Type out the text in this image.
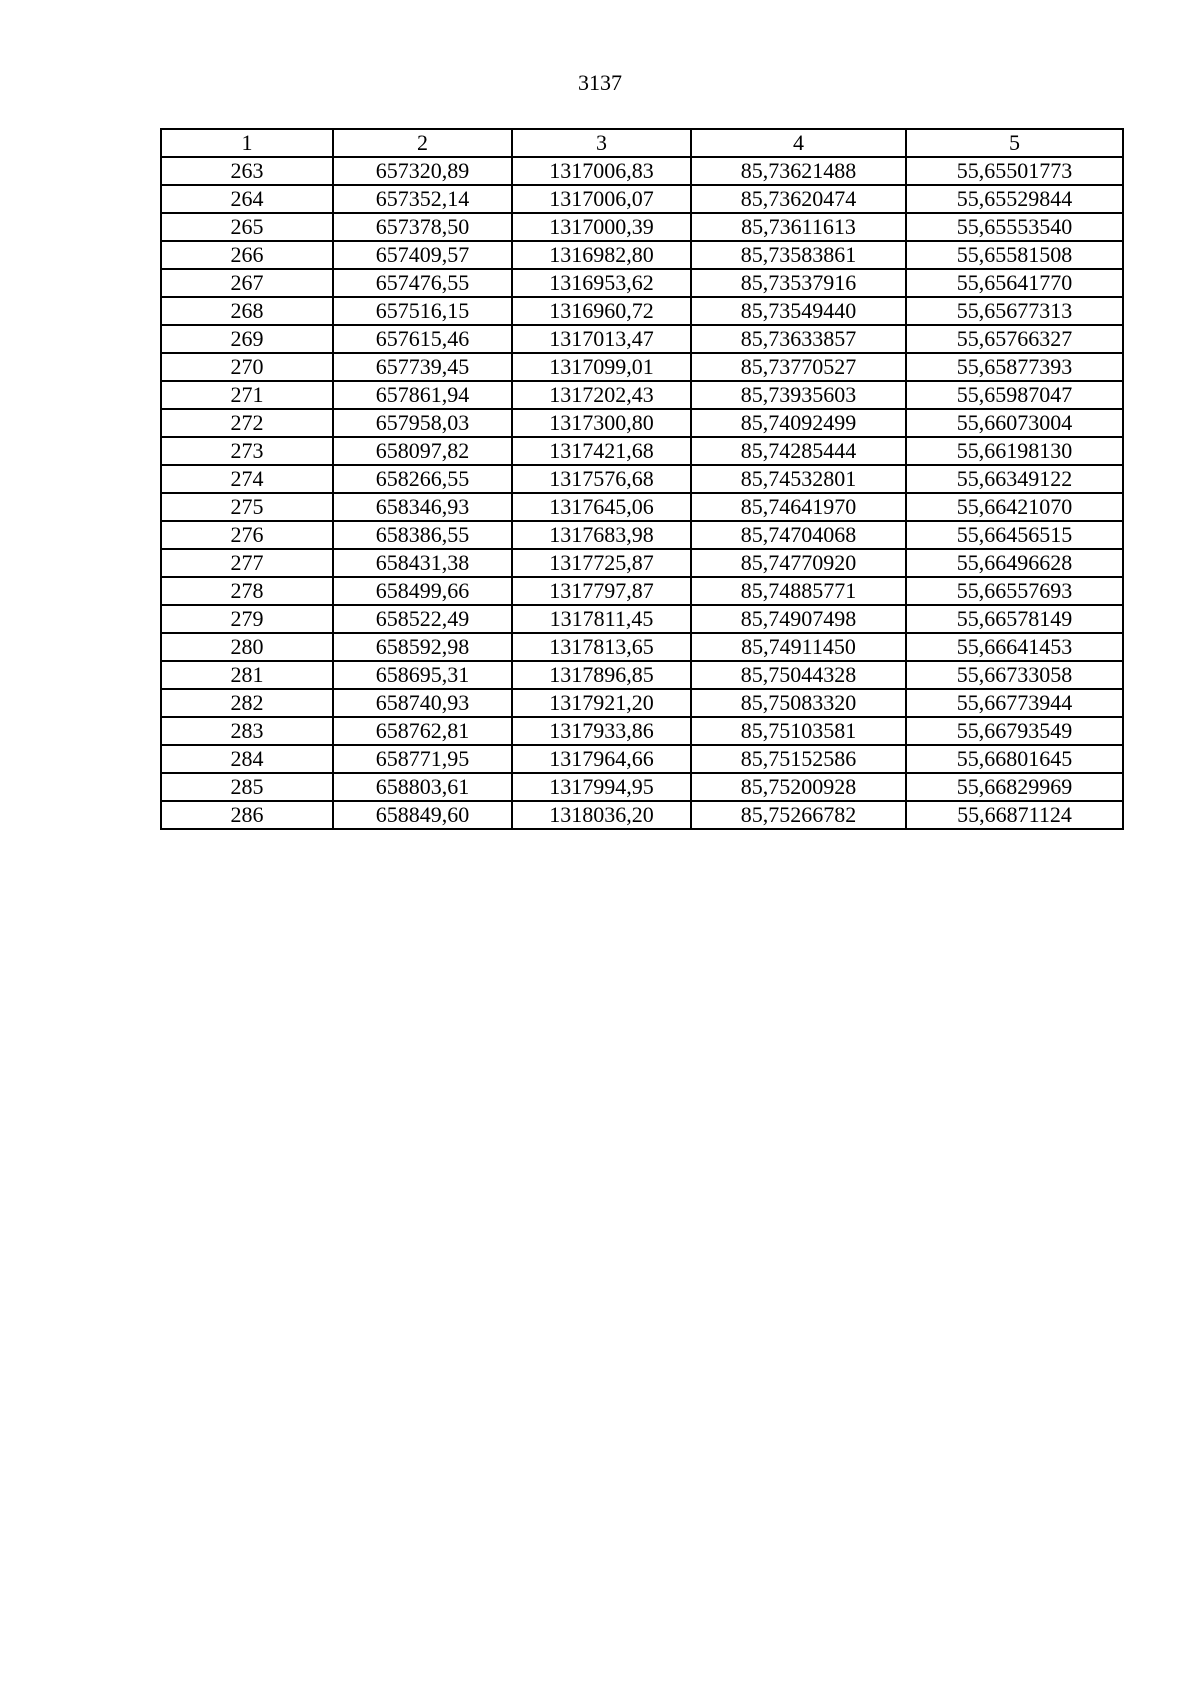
3137
1	2	3	4	5
263	657320,89	1317006,83	85,73621488	55,65501773
264	657352,14	1317006,07	85,73620474	55,65529844
265	657378,50	1317000,39	85,73611613	55,65553540
266	657409,57	1316982,80	85,73583861	55,65581508
267	657476,55	1316953,62	85,73537916	55,65641770
268	657516,15	1316960,72	85,73549440	55,65677313
269	657615,46	1317013,47	85,73633857	55,65766327
270	657739,45	1317099,01	85,73770527	55,65877393
271	657861,94	1317202,43	85,73935603	55,65987047
272	657958,03	1317300,80	85,74092499	55,66073004
273	658097,82	1317421,68	85,74285444	55,66198130
274	658266,55	1317576,68	85,74532801	55,66349122
275	658346,93	1317645,06	85,74641970	55,66421070
276	658386,55	1317683,98	85,74704068	55,66456515
277	658431,38	1317725,87	85,74770920	55,66496628
278	658499,66	1317797,87	85,74885771	55,66557693
279	658522,49	1317811,45	85,74907498	55,66578149
280	658592,98	1317813,65	85,74911450	55,66641453
281	658695,31	1317896,85	85,75044328	55,66733058
282	658740,93	1317921,20	85,75083320	55,66773944
283	658762,81	1317933,86	85,75103581	55,66793549
284	658771,95	1317964,66	85,75152586	55,66801645
285	658803,61	1317994,95	85,75200928	55,66829969
286	658849,60	1318036,20	85,75266782	55,66871124
